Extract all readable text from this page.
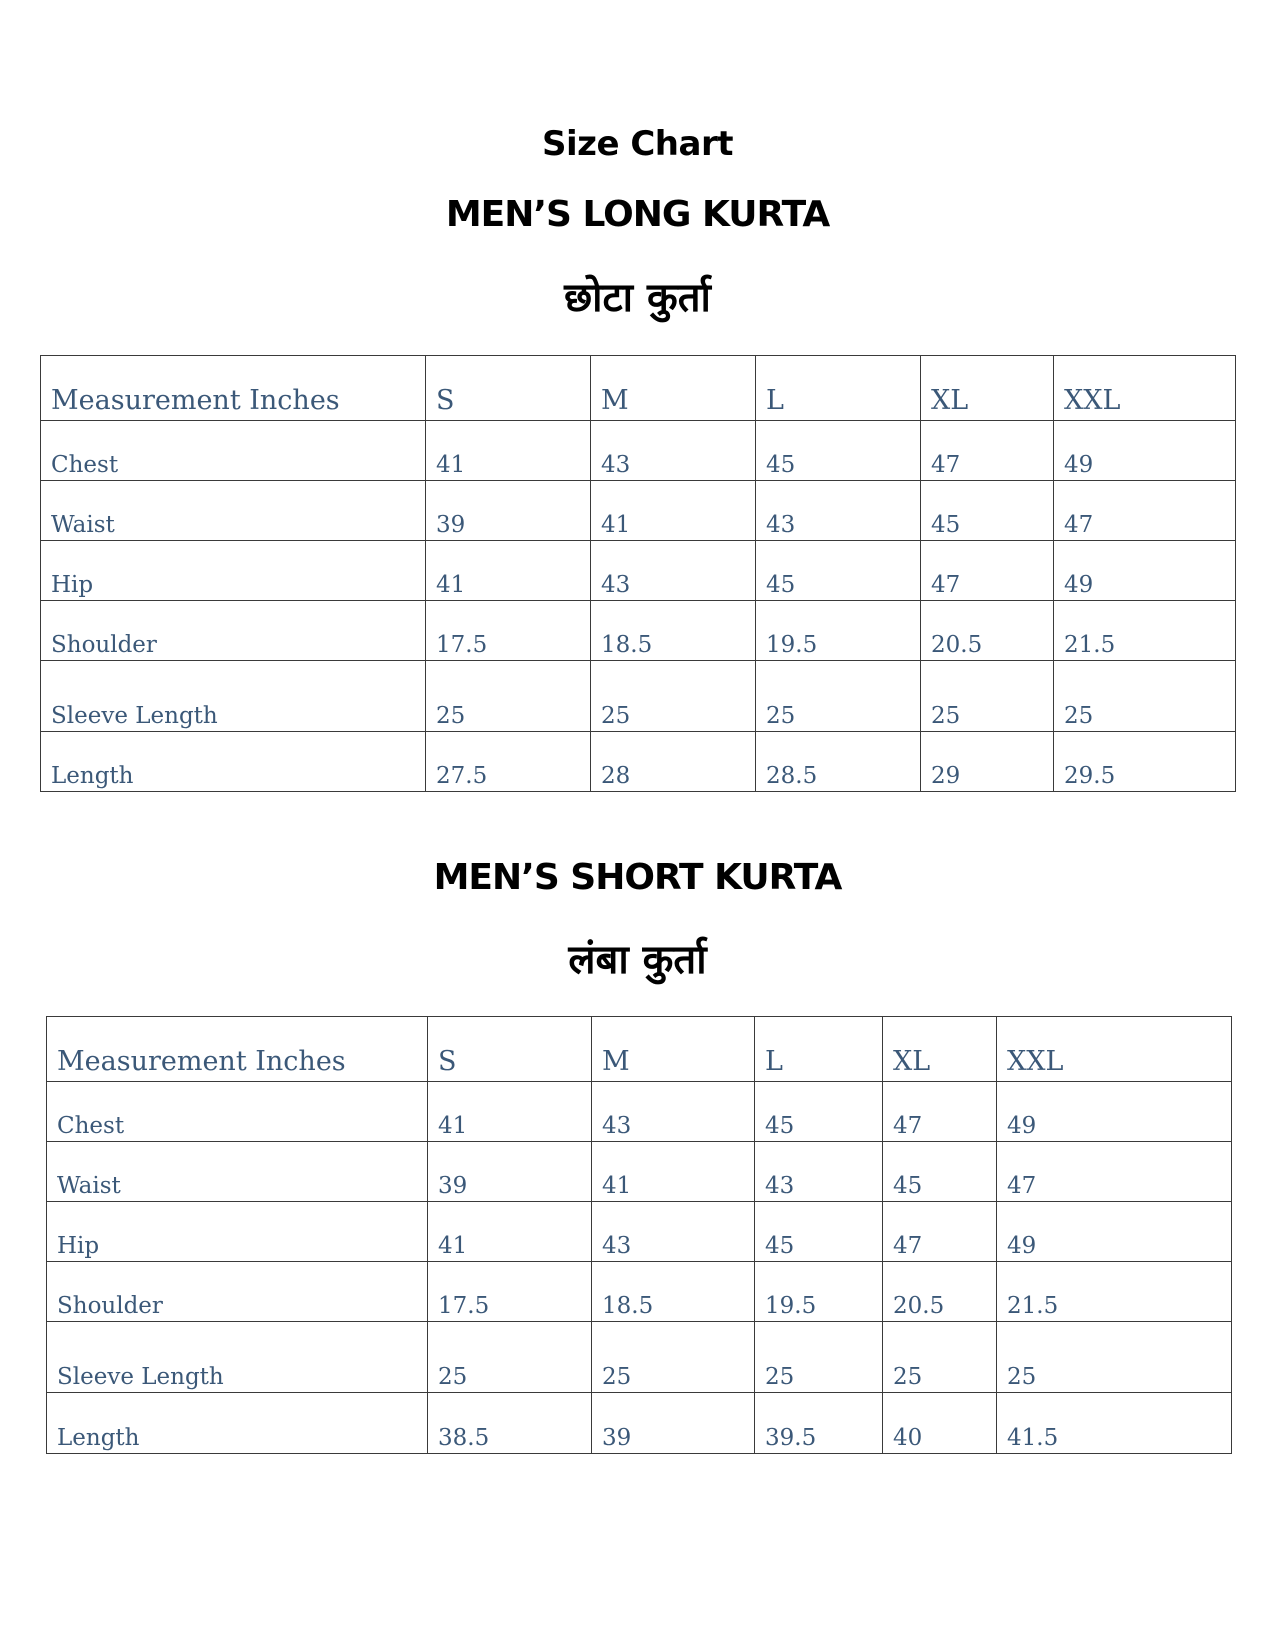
Size Chart
MEN’S LONG KURTA
छोटा कुर्ता
Measurement Inches	S	M	L	XL	XXL
Chest	41	43	45	47	49
Waist	39	41	43	45	47
Hip	41	43	45	47	49
Shoulder	17.5	18.5	19.5	20.5	21.5
Sleeve Length	25	25	25	25	25
Length	27.5	28	28.5	29	29.5
MEN’S SHORT KURTA
लंबा कुर्ता
Measurement Inches	S	M	L	XL	XXL
Chest	41	43	45	47	49
Waist	39	41	43	45	47
Hip	41	43	45	47	49
Shoulder	17.5	18.5	19.5	20.5	21.5
Sleeve Length	25	25	25	25	25
Length	38.5	39	39.5	40	41.5
